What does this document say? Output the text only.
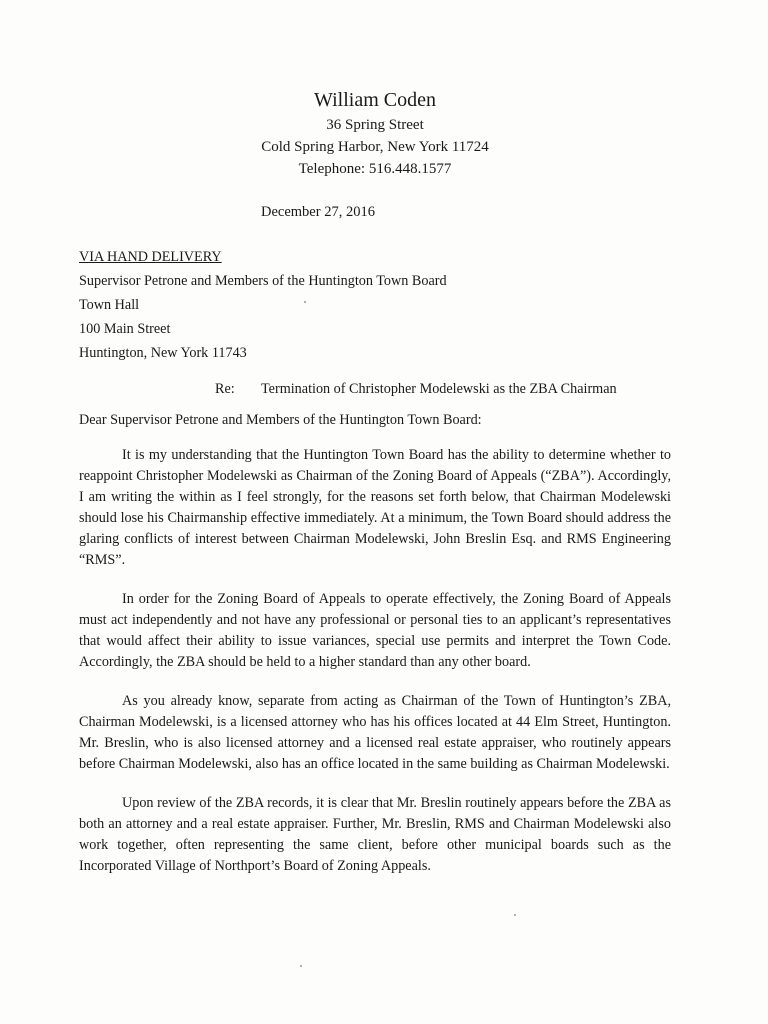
William Coden
36 Spring Street
Cold Spring Harbor, New York 11724
Telephone: 516.448.1577
December 27, 2016
VIA HAND DELIVERY
Supervisor Petrone and Members of the Huntington Town Board
Town Hall
100 Main Street
Huntington, New York 11743
Re: Termination of Christopher Modelewski as the ZBA Chairman
Dear Supervisor Petrone and Members of the Huntington Town Board:

It is my understanding that the Huntington Town Board has the ability to determine whether to reappoint Christopher Modelewski as Chairman of the Zoning Board of Appeals (“ZBA”). Accordingly, I am writing the within as I feel strongly, for the reasons set forth below, that Chairman Modelewski should lose his Chairmanship effective immediately. At a minimum, the Town Board should address the glaring conflicts of interest between Chairman Modelewski, John Breslin Esq. and RMS Engineering “RMS”.

In order for the Zoning Board of Appeals to operate effectively, the Zoning Board of Appeals must act independently and not have any professional or personal ties to an applicant’s representatives that would affect their ability to issue variances, special use permits and interpret the Town Code. Accordingly, the ZBA should be held to a higher standard than any other board.

As you already know, separate from acting as Chairman of the Town of Huntington’s ZBA, Chairman Modelewski, is a licensed attorney who has his offices located at 44 Elm Street, Huntington. Mr. Breslin, who is also licensed attorney and a licensed real estate appraiser, who routinely appears before Chairman Modelewski, also has an office located in the same building as Chairman Modelewski.

Upon review of the ZBA records, it is clear that Mr. Breslin routinely appears before the ZBA as both an attorney and a real estate appraiser. Further, Mr. Breslin, RMS and Chairman Modelewski also work together, often representing the same client, before other municipal boards such as the Incorporated Village of Northport’s Board of Zoning Appeals.
